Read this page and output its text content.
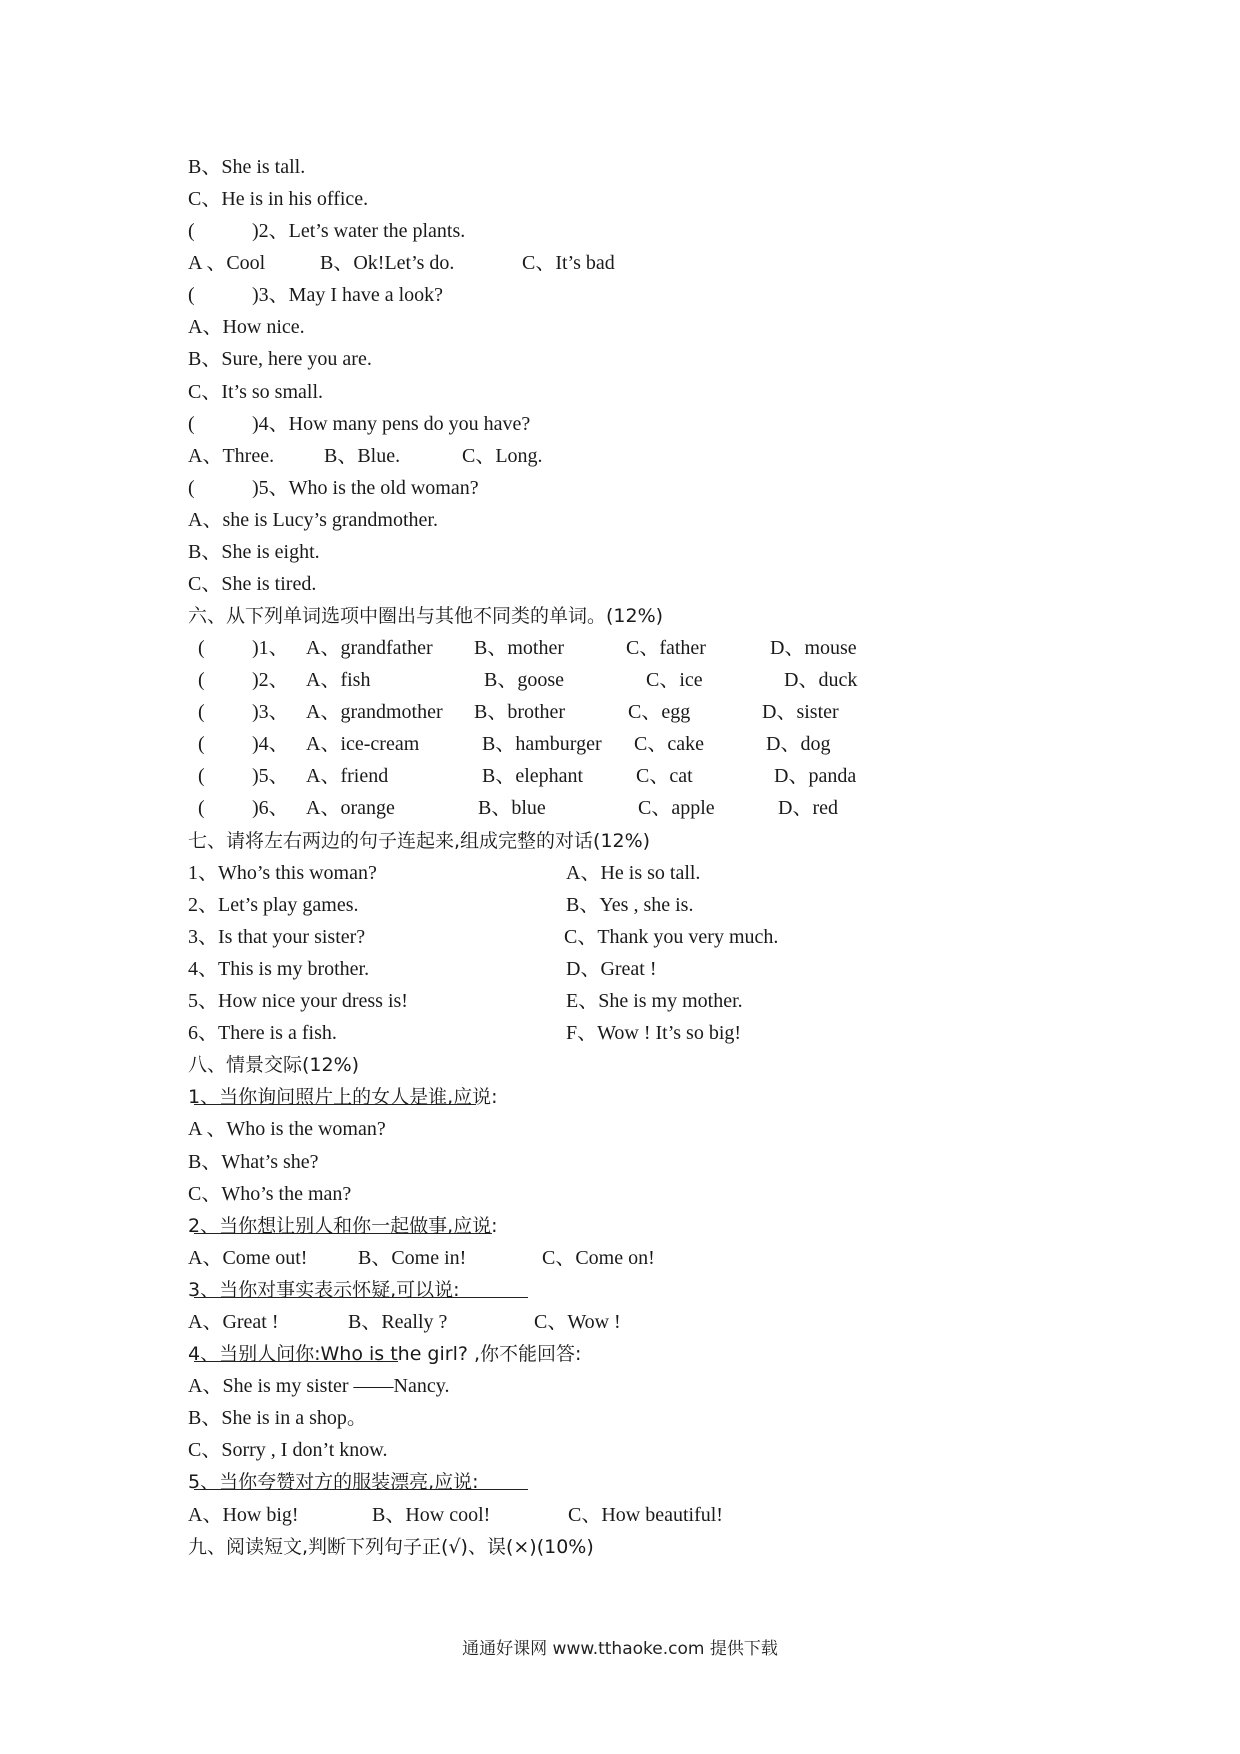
B、She is tall.
C、He is in his office.
(	)2、Let’s water the plants.
A 、Cool	B、Ok!Let’s do.	C、It’s bad
(	)3、May I have a look?
A、How nice.
B、Sure, here you are.
C、It’s so small.
(	)4、How many pens do you have?
A、Three. B、Blue.	C、Long.
(	)5、Who is the old woman?
A、she is Lucy’s grandmother.
B、She is eight.
C、She is tired.
六、从下列单词选项中圈出与其他不同类的单词。(12%)
( )1、 A、grandfather B、mother	C、father	D、mouse
( )2、 A、fish	B、goose	C、ice	D、duck
( )3、 A、grandmother B、brother	C、egg	D、sister
( )4、 A、ice-cream	B、hamburger C、cake	D、dog
( )5、 A、friend	B、elephant	C、cat	D、panda
( )6、 A、orange	B、blue	C、apple	D、red
七、请将左右两边的句子连起来,组成完整的对话(12%)
1、Who’s this woman?	A、He is so tall.
2、Let’s play games.	B、Yes , she is.
3、Is that your sister?	C、Thank you very much.
4、This is my brother.	D、Great !
5、How nice your dress is!	E、She is my mother.
6、There is a fish.	F、Wow ! It’s so big!
八、情景交际(12%)
1、当你询问照片上的女人是谁,应说:
A 、Who is the woman?
B、What’s she?
C、Who’s the man?
2、当你想让别人和你一起做事,应说:
A、Come out!	B、Come in!	C、Come on!
3、当你对事实表示怀疑,可以说:
A、Great !	B、Really ?	C、Wow !
4、当别人问你:Who is the girl? ,你不能回答:
A、She is my sister ——Nancy.
B、She is in a shop。
C、Sorry , I don’t know.
5、当你夸赞对方的服装漂亮,应说:
A、How big!	B、How cool!	C、How beautiful!
九、阅读短文,判断下列句子正(√)、误(×)(10%)
通通好课网 www.tthaoke.com 提供下载
